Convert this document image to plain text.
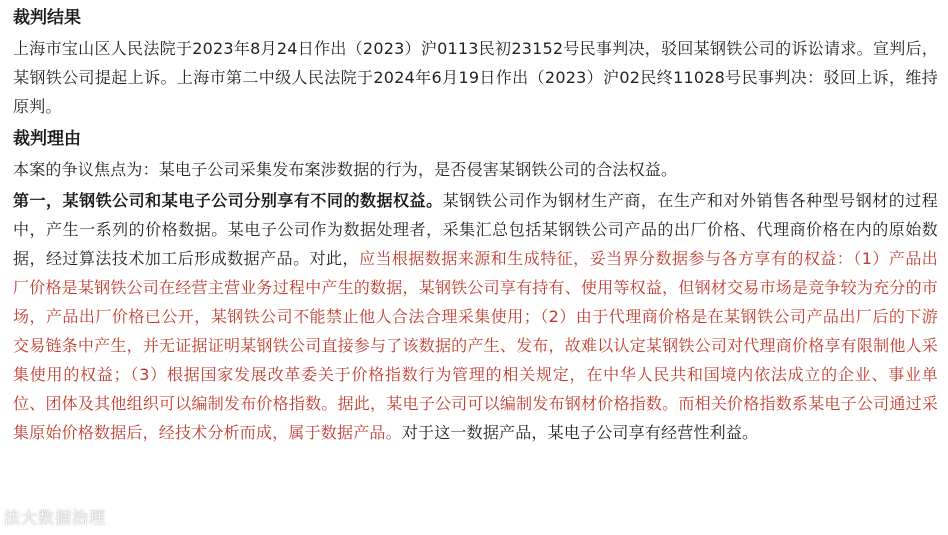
裁判结果

上海市宝山区人民法院于2023年8月24日作出（2023）沪0113民初23152号民事判决，驳回某钢铁公司的诉讼请求。宣判后，某钢铁公司提起上诉。上海市第二中级人民法院于2024年6月19日作出（2023）沪02民终11028号民事判决：驳回上诉，维持原判。

裁判理由

本案的争议焦点为：某电子公司采集发布案涉数据的行为，是否侵害某钢铁公司的合法权益。

第一，某钢铁公司和某电子公司分别享有不同的数据权益。某钢铁公司作为钢材生产商，在生产和对外销售各种型号钢材的过程中，产生一系列的价格数据。某电子公司作为数据处理者，采集汇总包括某钢铁公司产品的出厂价格、代理商价格在内的原始数据，经过算法技术加工后形成数据产品。对此，应当根据数据来源和生成特征，妥当界分数据参与各方享有的权益：（1）产品出厂价格是某钢铁公司在经营主营业务过程中产生的数据，某钢铁公司享有持有、使用等权益，但钢材交易市场是竞争较为充分的市场，产品出厂价格已公开，某钢铁公司不能禁止他人合法合理采集使用；（2）由于代理商价格是在某钢铁公司产品出厂后的下游交易链条中产生，并无证据证明某钢铁公司直接参与了该数据的产生、发布，故难以认定某钢铁公司对代理商价格享有限制他人采集使用的权益；（3）根据国家发展改革委关于价格指数行为管理的相关规定，在中华人民共和国境内依法成立的企业、事业单位、团体及其他组织可以编制发布价格指数。据此，某电子公司可以编制发布钢材价格指数。而相关价格指数系某电子公司通过采集原始价格数据后，经技术分析而成，属于数据产品。对于这一数据产品，某电子公司享有经营性利益。

法大数据治理
